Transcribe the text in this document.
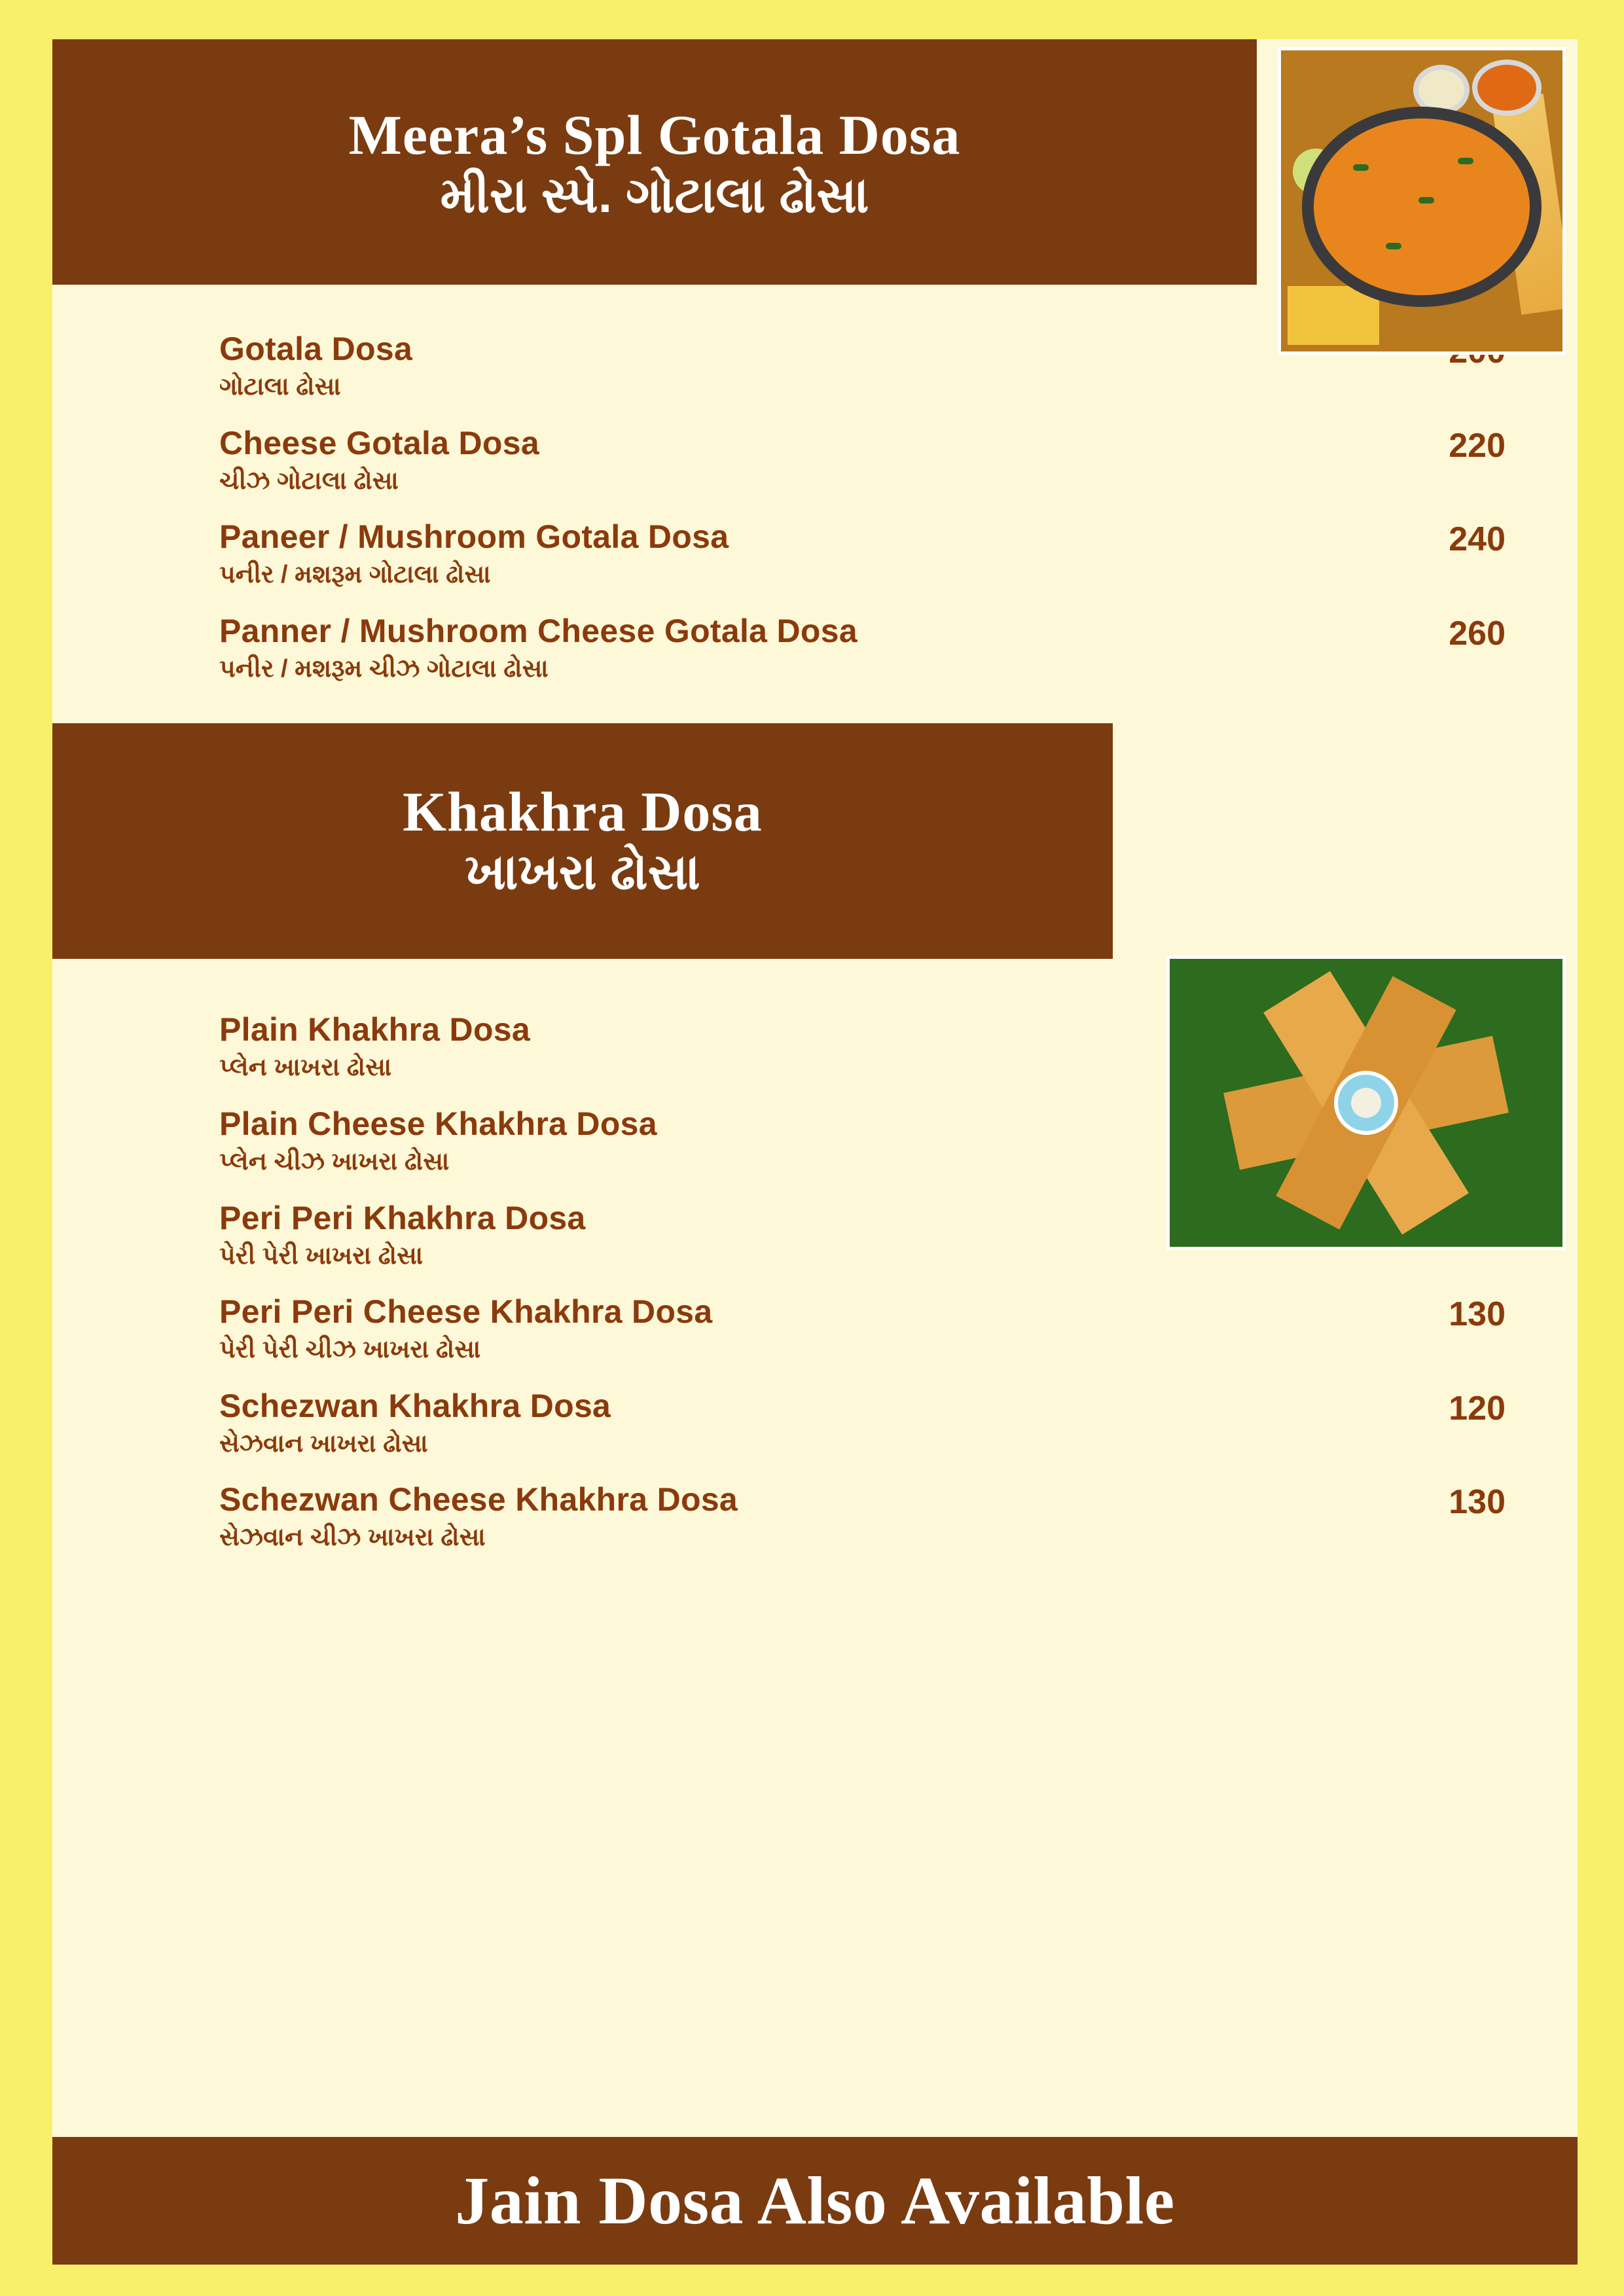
Meera’s Spl Gotala Dosa

મીરા સ્પે. ગોટાલા ઢોસા

Gotala Dosa

ગોટાલા ઢોસા

Cheese Gotala Dosa

ચીઝ ગોટાલા ઢોસા

220

Paneer / Mushroom Gotala Dosa

પનીર / મશરૂમ ગોટાલા ઢોસા

240

Panner / Mushroom Cheese Gotala Dosa

પનીર / મશરૂમ ચીઝ ગોટાલા ઢોસા

260

Khakhra Dosa

ખાખરા ઢોસા

Plain Khakhra Dosa

પ્લેન ખાખરા ઢોસા

Plain Cheese Khakhra Dosa

પ્લેન ચીઝ ખાખરા ઢોસા

Peri Peri Khakhra Dosa

પેરી પેરી ખાખરા ઢોસા

Peri Peri Cheese Khakhra Dosa

પેરી પેરી ચીઝ ખાખરા ઢોસા

130

Schezwan Khakhra Dosa

સેઝવાન ખાખરા ઢોસા

120

Schezwan Cheese Khakhra Dosa

સેઝવાન ચીઝ ખાખરા ઢોસા

130

Jain Dosa Also Available
